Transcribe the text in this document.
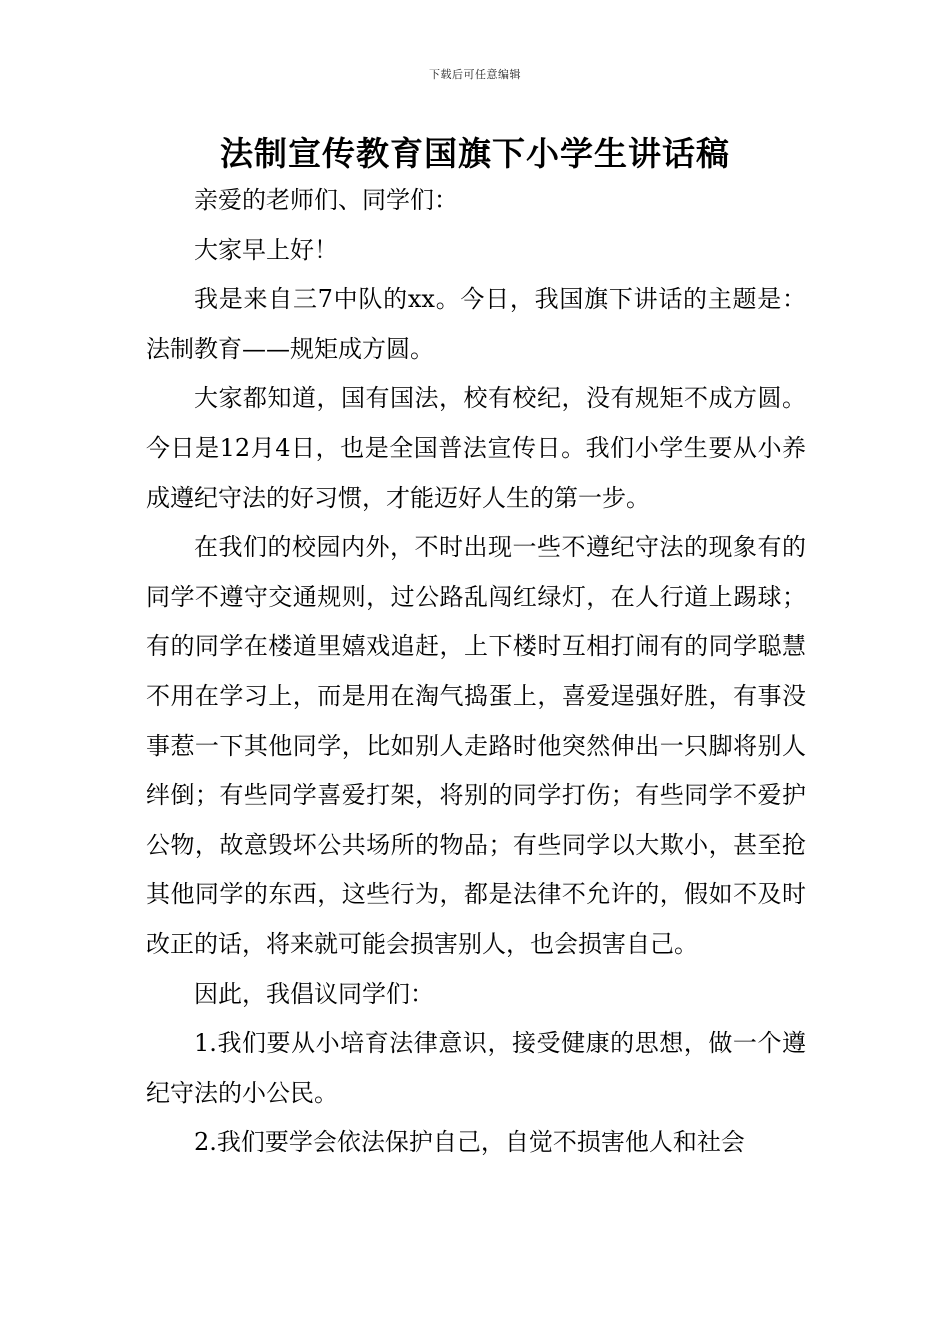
下载后可任意编辑
法制宣传教育国旗下小学生讲话稿

亲爱的老师们、同学们：

大家早上好！

我是来自三7中队的xx。今日，我国旗下讲话的主题是：法制教育——规矩成方圆。

大家都知道，国有国法，校有校纪，没有规矩不成方圆。今日是12月4日，也是全国普法宣传日。我们小学生要从小养成遵纪守法的好习惯，才能迈好人生的第一步。

在我们的校园内外，不时出现一些不遵纪守法的现象有的同学不遵守交通规则，过公路乱闯红绿灯，在人行道上踢球；有的同学在楼道里嬉戏追赶，上下楼时互相打闹有的同学聪慧不用在学习上，而是用在淘气捣蛋上，喜爱逞强好胜，有事没事惹一下其他同学，比如别人走路时他突然伸出一只脚将别人绊倒；有些同学喜爱打架，将别的同学打伤；有些同学不爱护公物，故意毁坏公共场所的物品；有些同学以大欺小，甚至抢其他同学的东西，这些行为，都是法律不允许的，假如不及时改正的话，将来就可能会损害别人，也会损害自己。

因此，我倡议同学们：

1.我们要从小培育法律意识，接受健康的思想，做一个遵纪守法的小公民。

2.我们要学会依法保护自己，自觉不损害他人和社会
